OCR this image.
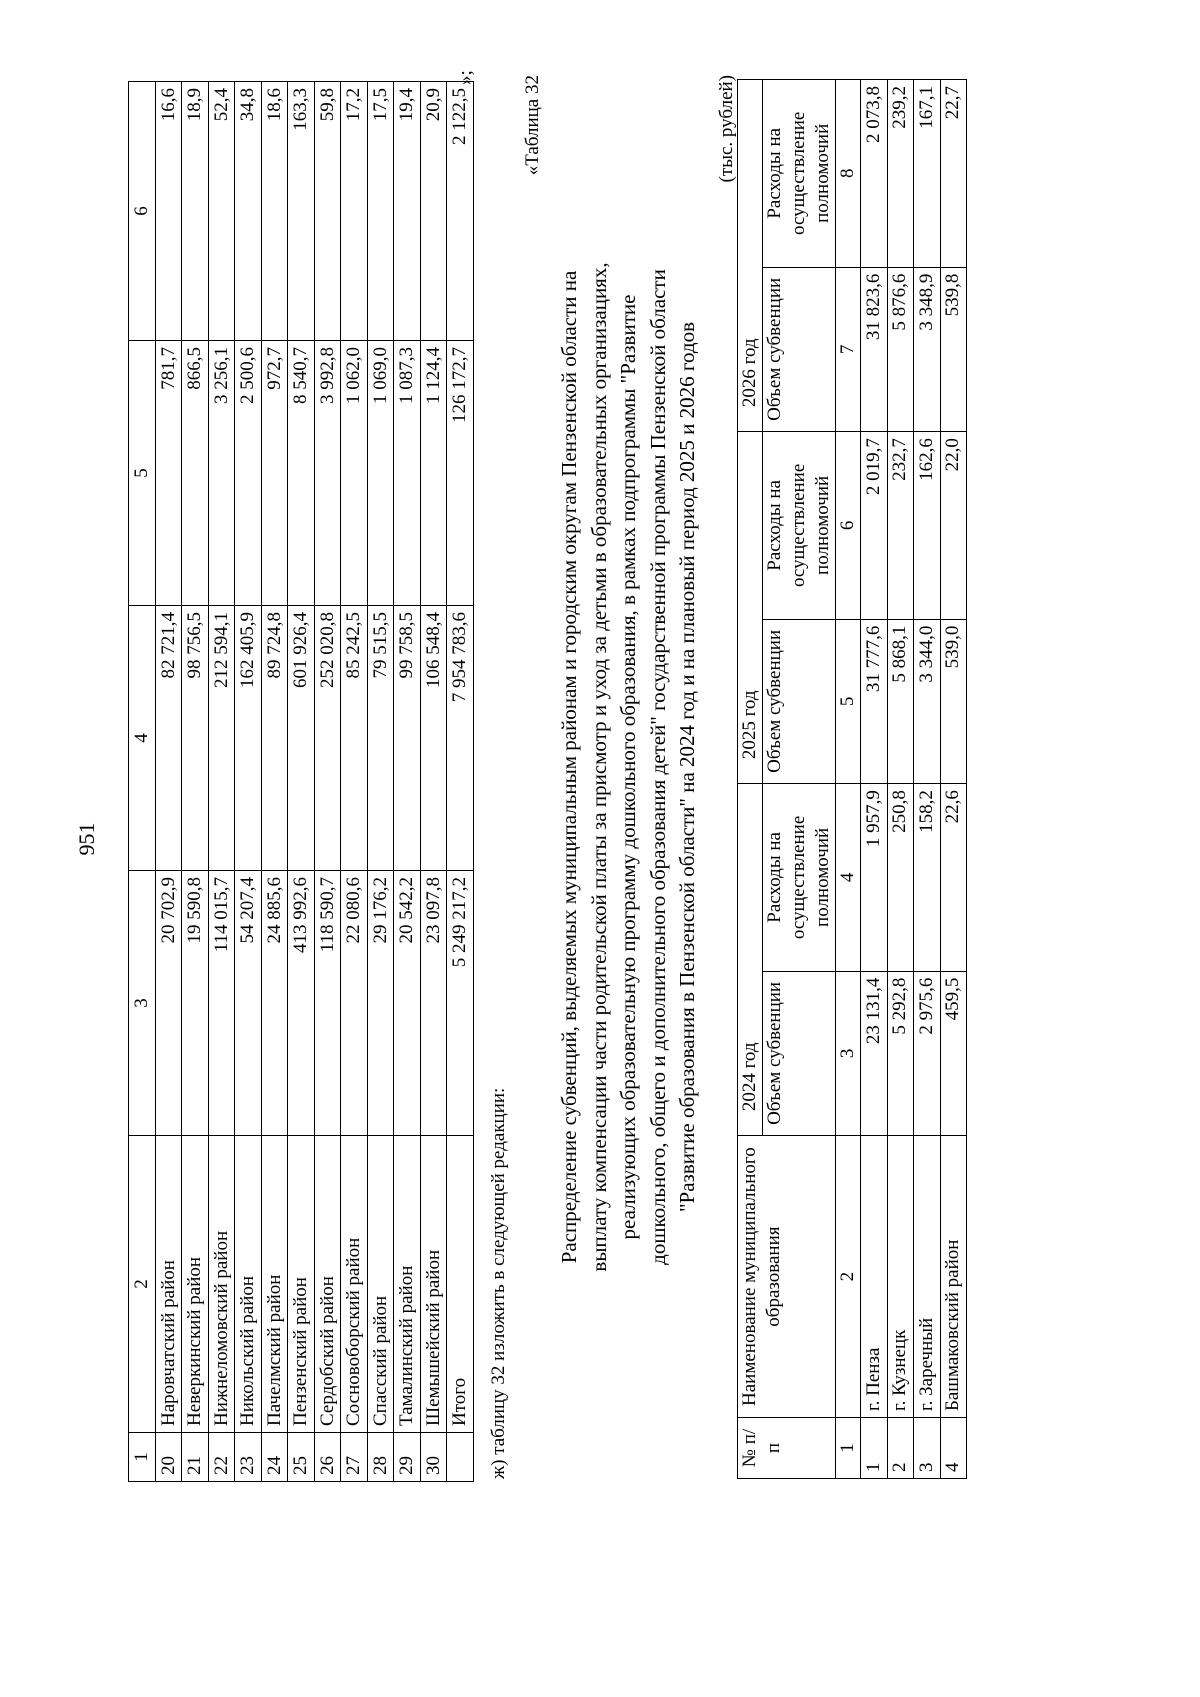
951
1	2	3	4	5	6
20	Наровчатский район	20 702,9	82 721,4	781,7	16,6
21	Неверкинский район	19 590,8	98 756,5	866,5	18,9
22	Нижнеломовский район	114 015,7	212 594,1	3 256,1	52,4
23	Никольский район	54 207,4	162 405,9	2 500,6	34,8
24	Пачелмский район	24 885,6	89 724,8	972,7	18,6
25	Пензенский район	413 992,6	601 926,4	8 540,7	163,3
26	Сердобский район	118 590,7	252 020,8	3 992,8	59,8
27	Сосновоборский район	22 080,6	85 242,5	1 062,0	17,2
28	Спасский район	29 176,2	79 515,5	1 069,0	17,5
29	Тамалинский район	20 542,2	99 758,5	1 087,3	19,4
30	Шемышейский район	23 097,8	106 548,4	1 124,4	20,9
	Итого	5 249 217,2	7 954 783,6	126 172,7	2 122,5
»;
ж) таблицу 32 изложить в следующей редакции:
«Таблица 32
Распределение субвенций, выделяемых муниципальным районам и городским округам Пензенской области на выплату компенсации части родительской платы за присмотр и уход за детьми в образовательных организациях, реализующих образовательную программу дошкольного образования, в рамках подпрограммы "Развитие дошкольного, общего и дополнительного образования детей" государственной программы Пензенской области "Развитие образования в Пензенской области" на 2024 год и на плановый период 2025 и 2026 годов
(тыс. рублей)
№ п/п	Наименование муниципального образования	2024 год		2025 год		2026 год	
		Объем субвенции	Расходы на осуществление полномочий	Объем субвенции	Расходы на осуществление полномочий	Объем субвенции	Расходы на осуществление полномочий
1	2	3	4	5	6	7	8
1	г. Пенза	23 131,4	1 957,9	31 777,6	2 019,7	31 823,6	2 073,8
2	г. Кузнецк	5 292,8	250,8	5 868,1	232,7	5 876,6	239,2
3	г. Заречный	2 975,6	158,2	3 344,0	162,6	3 348,9	167,1
4	Башмаковский район	459,5	22,6	539,0	22,0	539,8	22,7
